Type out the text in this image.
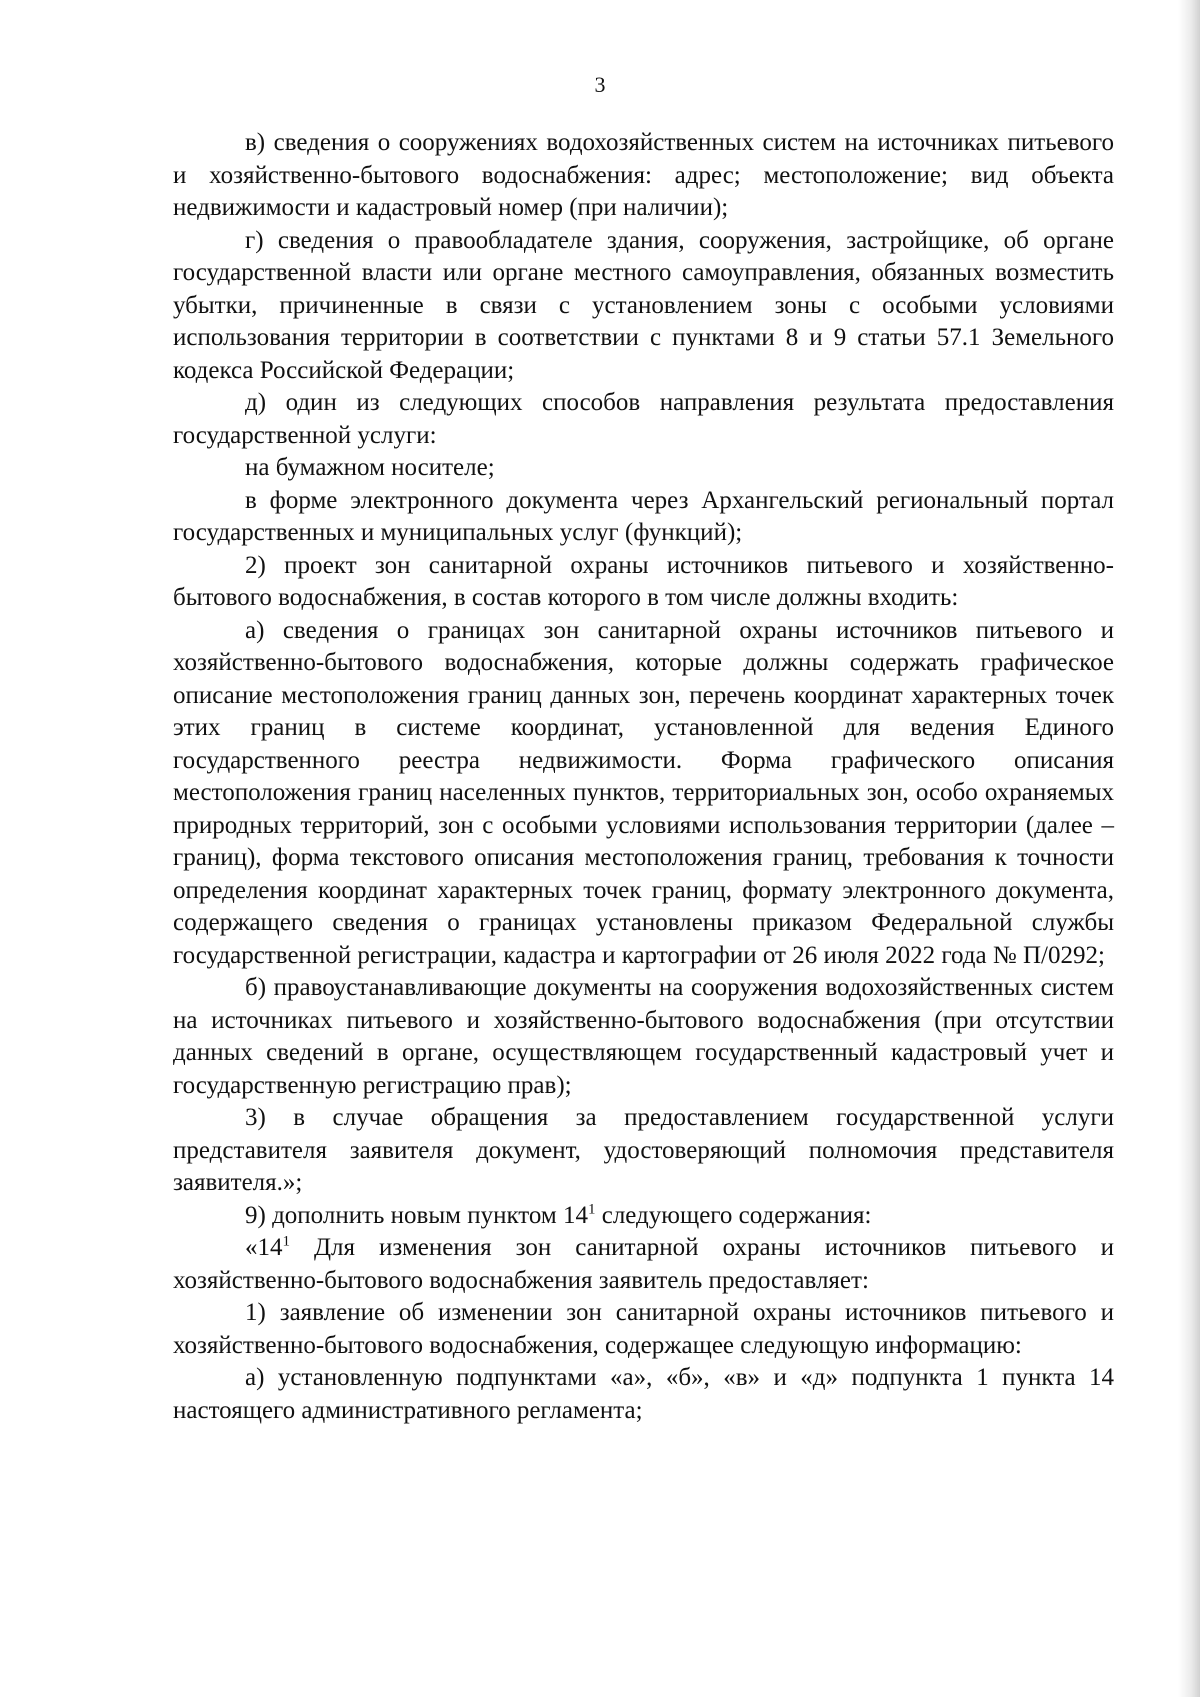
3

в) сведения о сооружениях водохозяйственных систем на источниках питьевого и хозяйственно-бытового водоснабжения: адрес; местоположение; вид объекта недвижимости и кадастровый номер (при наличии);

г) сведения о правообладателе здания, сооружения, застройщике, об органе государственной власти или органе местного самоуправления, обязанных возместить убытки, причиненные в связи с установлением зоны с особыми условиями использования территории в соответствии с пунктами 8 и 9 статьи 57.1 Земельного кодекса Российской Федерации;

д) один из следующих способов направления результата предоставления государственной услуги:

на бумажном носителе;

в форме электронного документа через Архангельский региональный портал государственных и муниципальных услуг (функций);

2) проект зон санитарной охраны источников питьевого и хозяйственно-бытового водоснабжения, в состав которого в том числе должны входить:

а) сведения о границах зон санитарной охраны источников питьевого и хозяйственно-бытового водоснабжения, которые должны содержать графическое описание местоположения границ данных зон, перечень координат характерных точек этих границ в системе координат, установленной для ведения Единого государственного реестра недвижимости. Форма графического описания местоположения границ населенных пунктов, территориальных зон, особо охраняемых природных территорий, зон с особыми условиями использования территории (далее – границ), форма текстового описания местоположения границ, требования к точности определения координат характерных точек границ, формату электронного документа, содержащего сведения о границах установлены приказом Федеральной службы государственной регистрации, кадастра и картографии от 26 июля 2022 года № П/0292;

б) правоустанавливающие документы на сооружения водохозяйственных систем на источниках питьевого и хозяйственно-бытового водоснабжения (при отсутствии данных сведений в органе, осуществляющем государственный кадастровый учет и государственную регистрацию прав);

3) в случае обращения за предоставлением государственной услуги представителя заявителя документ, удостоверяющий полномочия представителя заявителя.»;

9) дополнить новым пунктом $14^1$ следующего содержания:

«$14^1$ Для изменения зон санитарной охраны источников питьевого и хозяйственно-бытового водоснабжения заявитель предоставляет:

1) заявление об изменении зон санитарной охраны источников питьевого и хозяйственно-бытового водоснабжения, содержащее следующую информацию:

а) установленную подпунктами «а», «б», «в» и «д» подпункта 1 пункта 14 настоящего административного регламента;
